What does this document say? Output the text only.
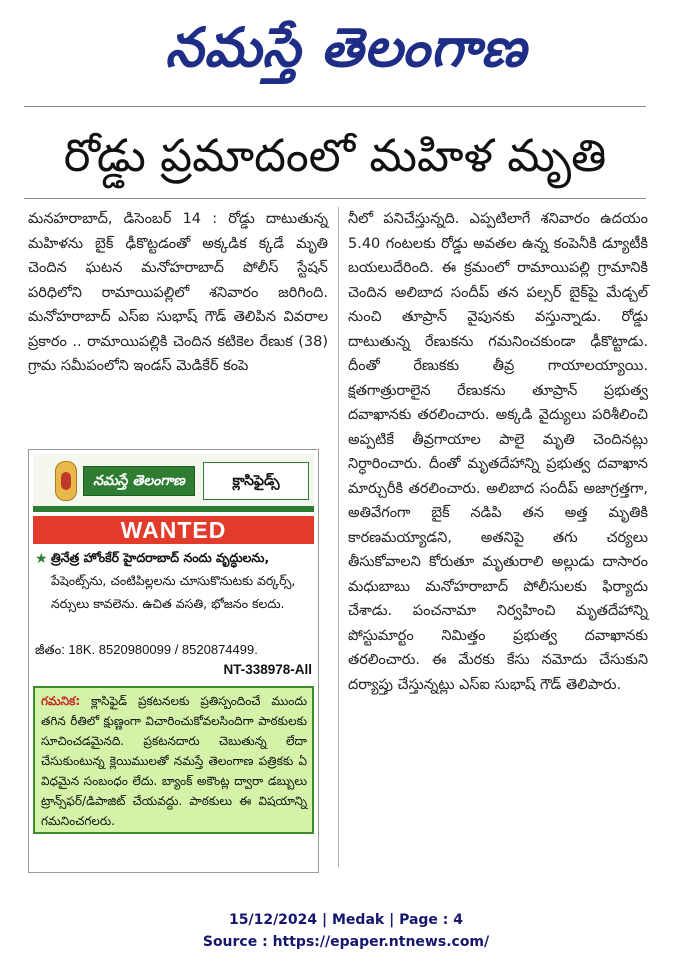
నమస్తే తెలంగాణ
రోడ్డు ప్రమాదంలో మహిళ మృతి
మనహరాబాద్, డిసెంబర్ 14 : రోడ్డు దాటుతున్న మహిళను బైక్ ఢీకొట్టడంతో అక్కడిక క్కడే మృతి చెందిన ఘటన మనోహరాబాద్ పోలీస్ స్టేషన్ పరిధిలోని రామాయిపల్లిలో శనివారం జరిగింది. మనోహరాబాద్ ఎస్ఐ సుభాష్ గౌడ్ తెలిపిన వివరాల ప్రకారం .. రామాయిపల్లికి చెందిన కటికెల రేణుక (38) గ్రామ సమీపంలోని ఇండస్ మెడికేర్ కంపె
నీలో పనిచేస్తున్నది. ఎప్పటిలాగే శనివారం ఉదయం 5.40 గంటలకు రోడ్డు అవతల ఉన్న కంపెనీకి డ్యూటీకి బయలుదేరింది. ఈ క్రమంలో రామాయిపల్లి గ్రామానికి చెందిన అలిబాద సందీప్ తన పల్సర్ బైక్‌పై మేడ్చల్ నుంచి తూప్రాన్ వైపునకు వస్తున్నాడు. రోడ్డు దాటుతున్న రేణుకను గమనించకుండా ఢీకొట్టాడు. దీంతో రేణుకకు తీవ్ర గాయాలయ్యాయి. క్షతగాత్రురాలైన రేణుకను తూప్రాన్ ప్రభుత్వ దవాఖానకు తరలించారు. అక్కడి వైద్యులు పరిశీలించి అప్పటికే తీవ్రగాయాల పాలై మృతి చెందినట్లు నిర్ధారించారు. దీంతో మృతదేహాన్ని ప్రభుత్వ దవాఖాన మార్చురీకి తరలించారు. అలిబాద సందీప్ అజాగ్రత్తగా, అతివేగంగా బైక్ నడిపి తన అత్త మృతికి కారణమయ్యాడని, అతనిపై తగు చర్యలు తీసుకోవాలని కోరుతూ మృతురాలి అల్లుడు దాసారం మధుబాబు మనోహరాబాద్ పోలీసులకు ఫిర్యాదు చేశాడు. పంచనామా నిర్వహించి మృతదేహాన్ని పోస్టుమార్టం నిమిత్తం ప్రభుత్వ దవాఖానకు తరలించారు. ఈ మేరకు కేసు నమోదు చేసుకుని దర్యాప్తు చేస్తున్నట్లు ఎస్ఐ సుభాష్ గౌడ్ తెలిపారు.
నమస్తే తెలంగాణ	క్లాసిఫైడ్స్
WANTED
★ త్రినేత్ర హోంకేర్ హైదరాబాద్ నందు వృద్ధులను, పేషెంట్స్‌ను, చంటిపిల్లలను చూసుకొనుటకు వర్కర్స్, నర్సులు కావలెను. ఉచిత వసతి, భోజనం కలదు.
జీతం: 18K. 8520980099 / 8520874499.
NT-338978-All
గమనిక: క్లాసిఫైడ్ ప్రకటనలకు ప్రతిస్పందించే ముందు తగిన రీతిలో క్షుణ్ణంగా విచారించుకోవలసిందిగా పాఠకులకు సూచించడమైనది. ప్రకటనదారు చెబుతున్న లేదా చేసుకుంటున్న క్లెయిములతో నమస్తే తెలంగాణ పత్రికకు ఏ విధమైన సంబంధం లేదు. బ్యాంక్ అకౌంట్ల ద్వారా డబ్బులు ట్రాన్స్‌ఫర్/డిపాజిట్ చేయవద్దు. పాఠకులు ఈ విషయాన్ని గమనించగలరు.
15/12/2024 | Medak | Page : 4
Source : https://epaper.ntnews.com/
